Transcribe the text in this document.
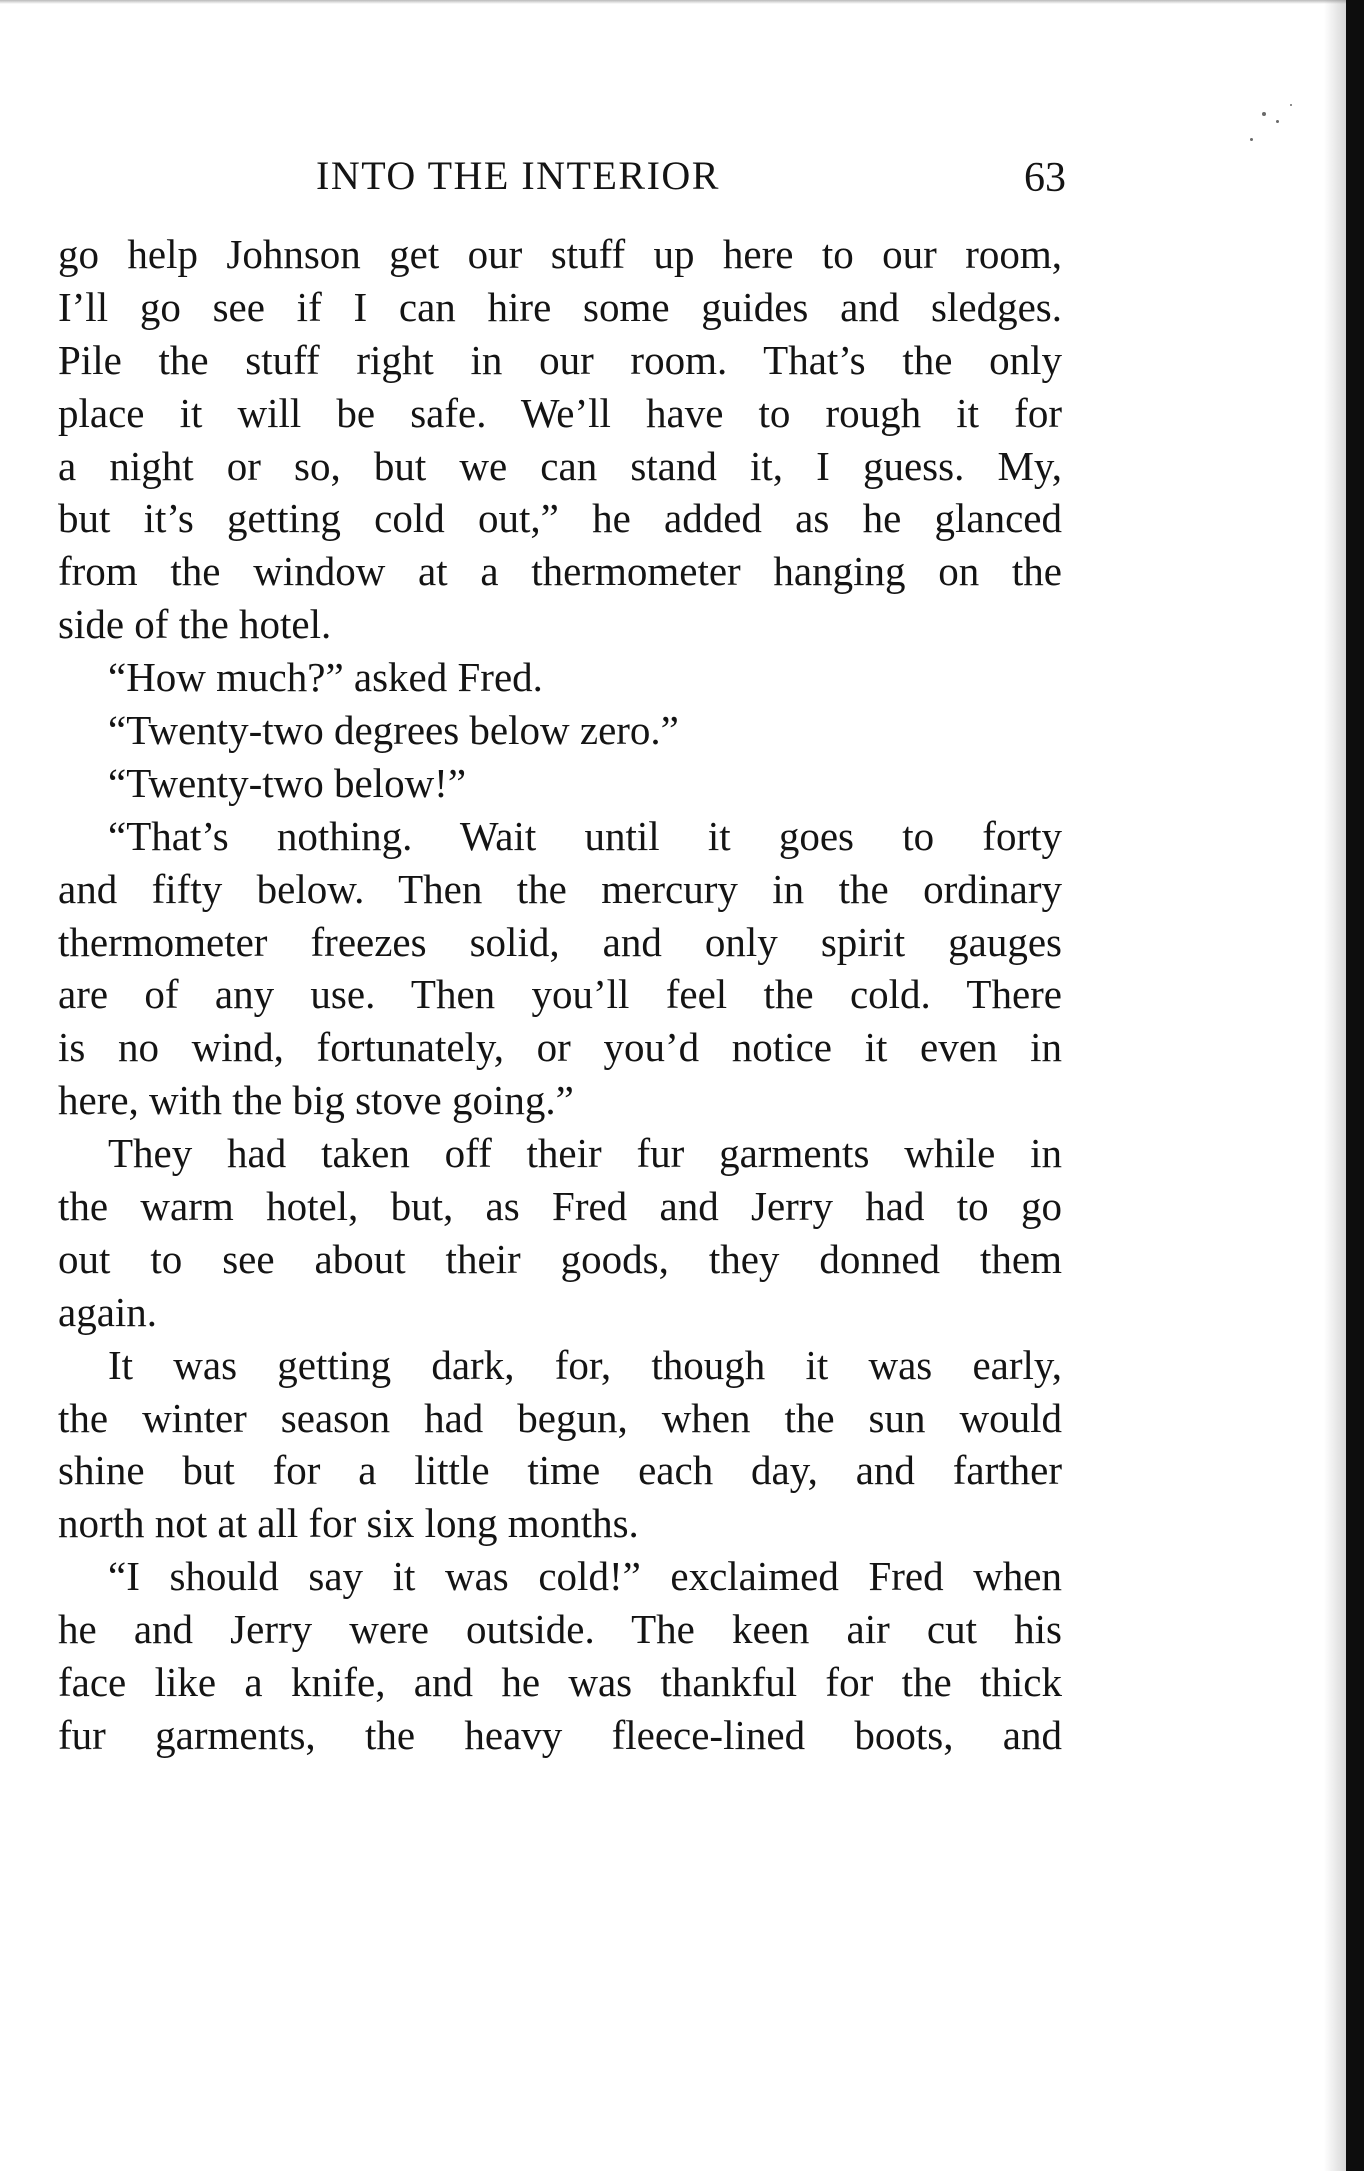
INTO THE INTERIOR	63
go help Johnson get our stuff up here to our room,
I’ll go see if I can hire some guides and sledges.
Pile the stuff right in our room. That’s the only
place it will be safe. We’ll have to rough it for
a night or so, but we can stand it, I guess. My,
but it’s getting cold out,” he added as he glanced
from the window at a thermometer hanging on the
side of the hotel.
“How much?” asked Fred.
“Twenty-two degrees below zero.”
“Twenty-two below!”
“That’s nothing. Wait until it goes to forty
and fifty below. Then the mercury in the ordinary
thermometer freezes solid, and only spirit gauges
are of any use. Then you’ll feel the cold. There
is no wind, fortunately, or you’d notice it even in
here, with the big stove going.”
They had taken off their fur garments while in
the warm hotel, but, as Fred and Jerry had to go
out to see about their goods, they donned them
again.
It was getting dark, for, though it was early,
the winter season had begun, when the sun would
shine but for a little time each day, and farther
north not at all for six long months.
“I should say it was cold!” exclaimed Fred when
he and Jerry were outside. The keen air cut his
face like a knife, and he was thankful for the thick
fur garments, the heavy fleece-lined boots, and
